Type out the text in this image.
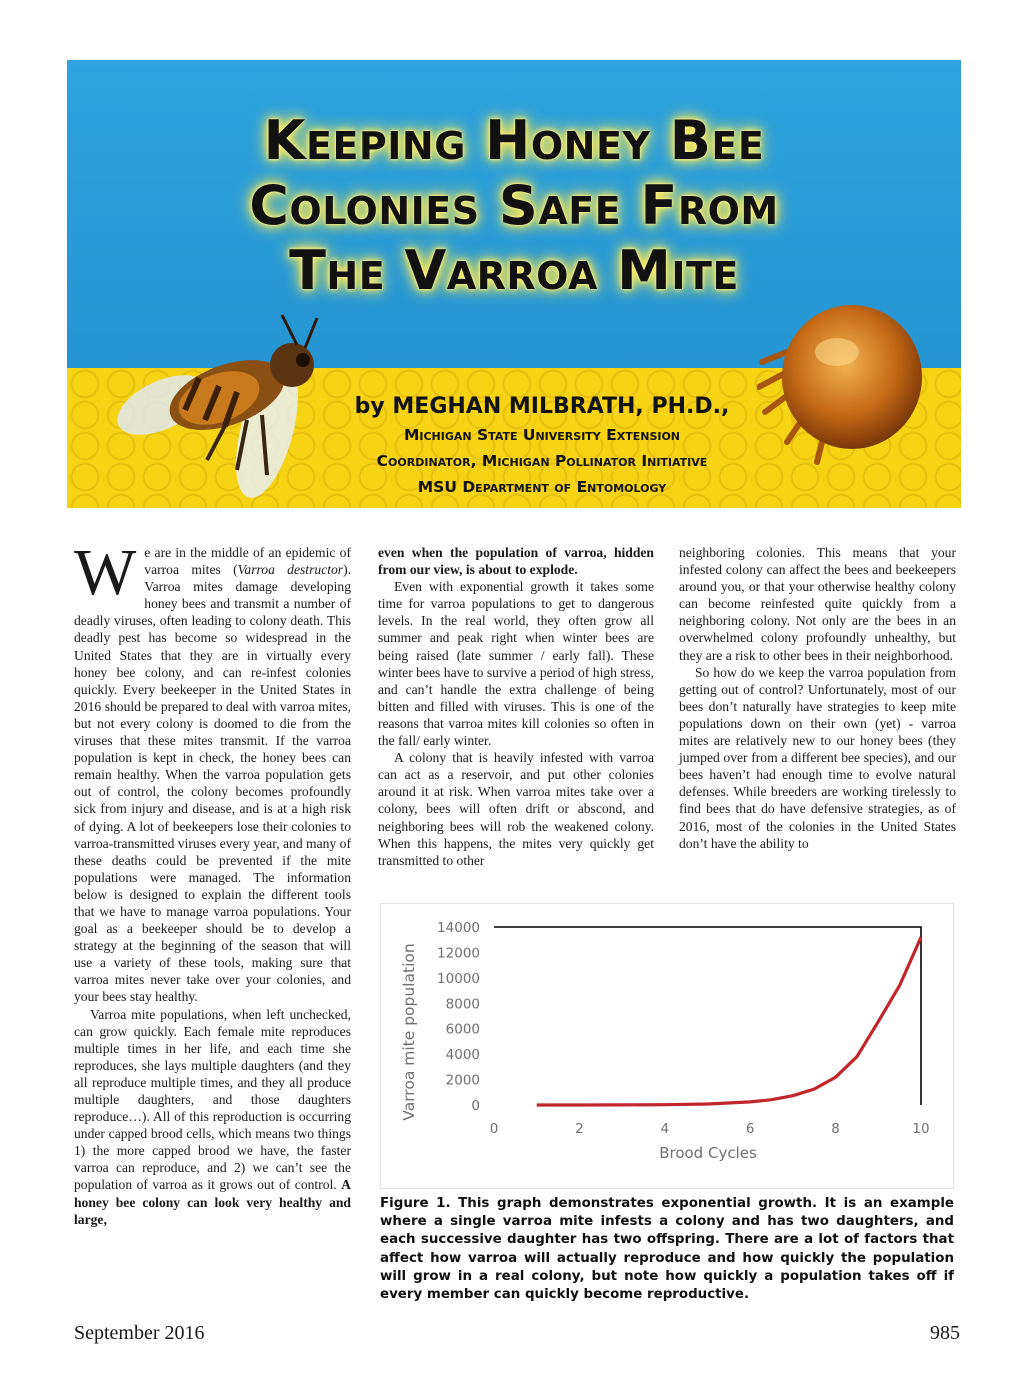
Keeping Honey Bee
Colonies Safe From
The Varroa Mite
by MEGHAN MILBRATH, PH.D.,
Michigan State University Extension
Coordinator, Michigan Pollinator Initiative
MSU Department of Entomology

We are in the middle of an epidemic of varroa mites (Varroa destructor). Varroa mites damage developing honey bees and transmit a number of deadly viruses, often leading to colony death. This deadly pest has become so widespread in the United States that they are in virtually every honey bee colony, and can re-infest colonies quickly. Every beekeeper in the United States in 2016 should be prepared to deal with varroa mites, but not every colony is doomed to die from the viruses that these mites transmit. If the varroa population is kept in check, the honey bees can remain healthy. When the varroa population gets out of control, the colony becomes profoundly sick from injury and disease, and is at a high risk of dying. A lot of beekeepers lose their colonies to varroa-transmitted viruses every year, and many of these deaths could be prevented if the mite populations were managed. The information below is designed to explain the different tools that we have to manage varroa populations. Your goal as a beekeeper should be to develop a strategy at the beginning of the season that will use a variety of these tools, making sure that varroa mites never take over your colonies, and your bees stay healthy.

Varroa mite populations, when left unchecked, can grow quickly. Each female mite reproduces multiple times in her life, and each time she reproduces, she lays multiple daughters (and they all reproduce multiple times, and they all produce multiple daughters, and those daughters reproduce…). All of this reproduction is occurring under capped brood cells, which means two things 1) the more capped brood we have, the faster varroa can reproduce, and 2) we can’t see the population of varroa as it grows out of control. A honey bee colony can look very healthy and large,

even when the population of varroa, hidden from our view, is about to explode.

Even with exponential growth it takes some time for varroa populations to get to dangerous levels. In the real world, they often grow all summer and peak right when winter bees are being raised (late summer / early fall). These winter bees have to survive a period of high stress, and can’t handle the extra challenge of being bitten and filled with viruses. This is one of the reasons that varroa mites kill colonies so often in the fall/ early winter.

A colony that is heavily infested with varroa can act as a reservoir, and put other colonies around it at risk. When varroa mites take over a colony, bees will often drift or abscond, and neighboring bees will rob the weakened colony. When this happens, the mites very quickly get transmitted to other

neighboring colonies. This means that your infested colony can affect the bees and beekeepers around you, or that your otherwise healthy colony can become reinfested quite quickly from a neighboring colony. Not only are the bees in an overwhelmed colony profoundly unhealthy, but they are a risk to other bees in their neighborhood.

So how do we keep the varroa population from getting out of control? Unfortunately, most of our bees don’t naturally have strategies to keep mite populations down on their own (yet) - varroa mites are relatively new to our honey bees (they jumped over from a different bee species), and our bees haven’t had enough time to evolve natural defenses. While breeders are working tirelessly to find bees that do have defensive strategies, as of 2016, most of the colonies in the United States don’t have the ability to

Varroa mite population
Brood Cycles
0
2000
4000
6000
8000
10000
12000
14000
0	2	4	6	8	10
Figure 1. This graph demonstrates exponential growth. It is an example where a single varroa mite infests a colony and has two daughters, and each successive daughter has two offspring. There are a lot of factors that affect how varroa will actually reproduce and how quickly the population will grow in a real colony, but note how quickly a population takes off if every member can quickly become reproductive.
September 2016	985
